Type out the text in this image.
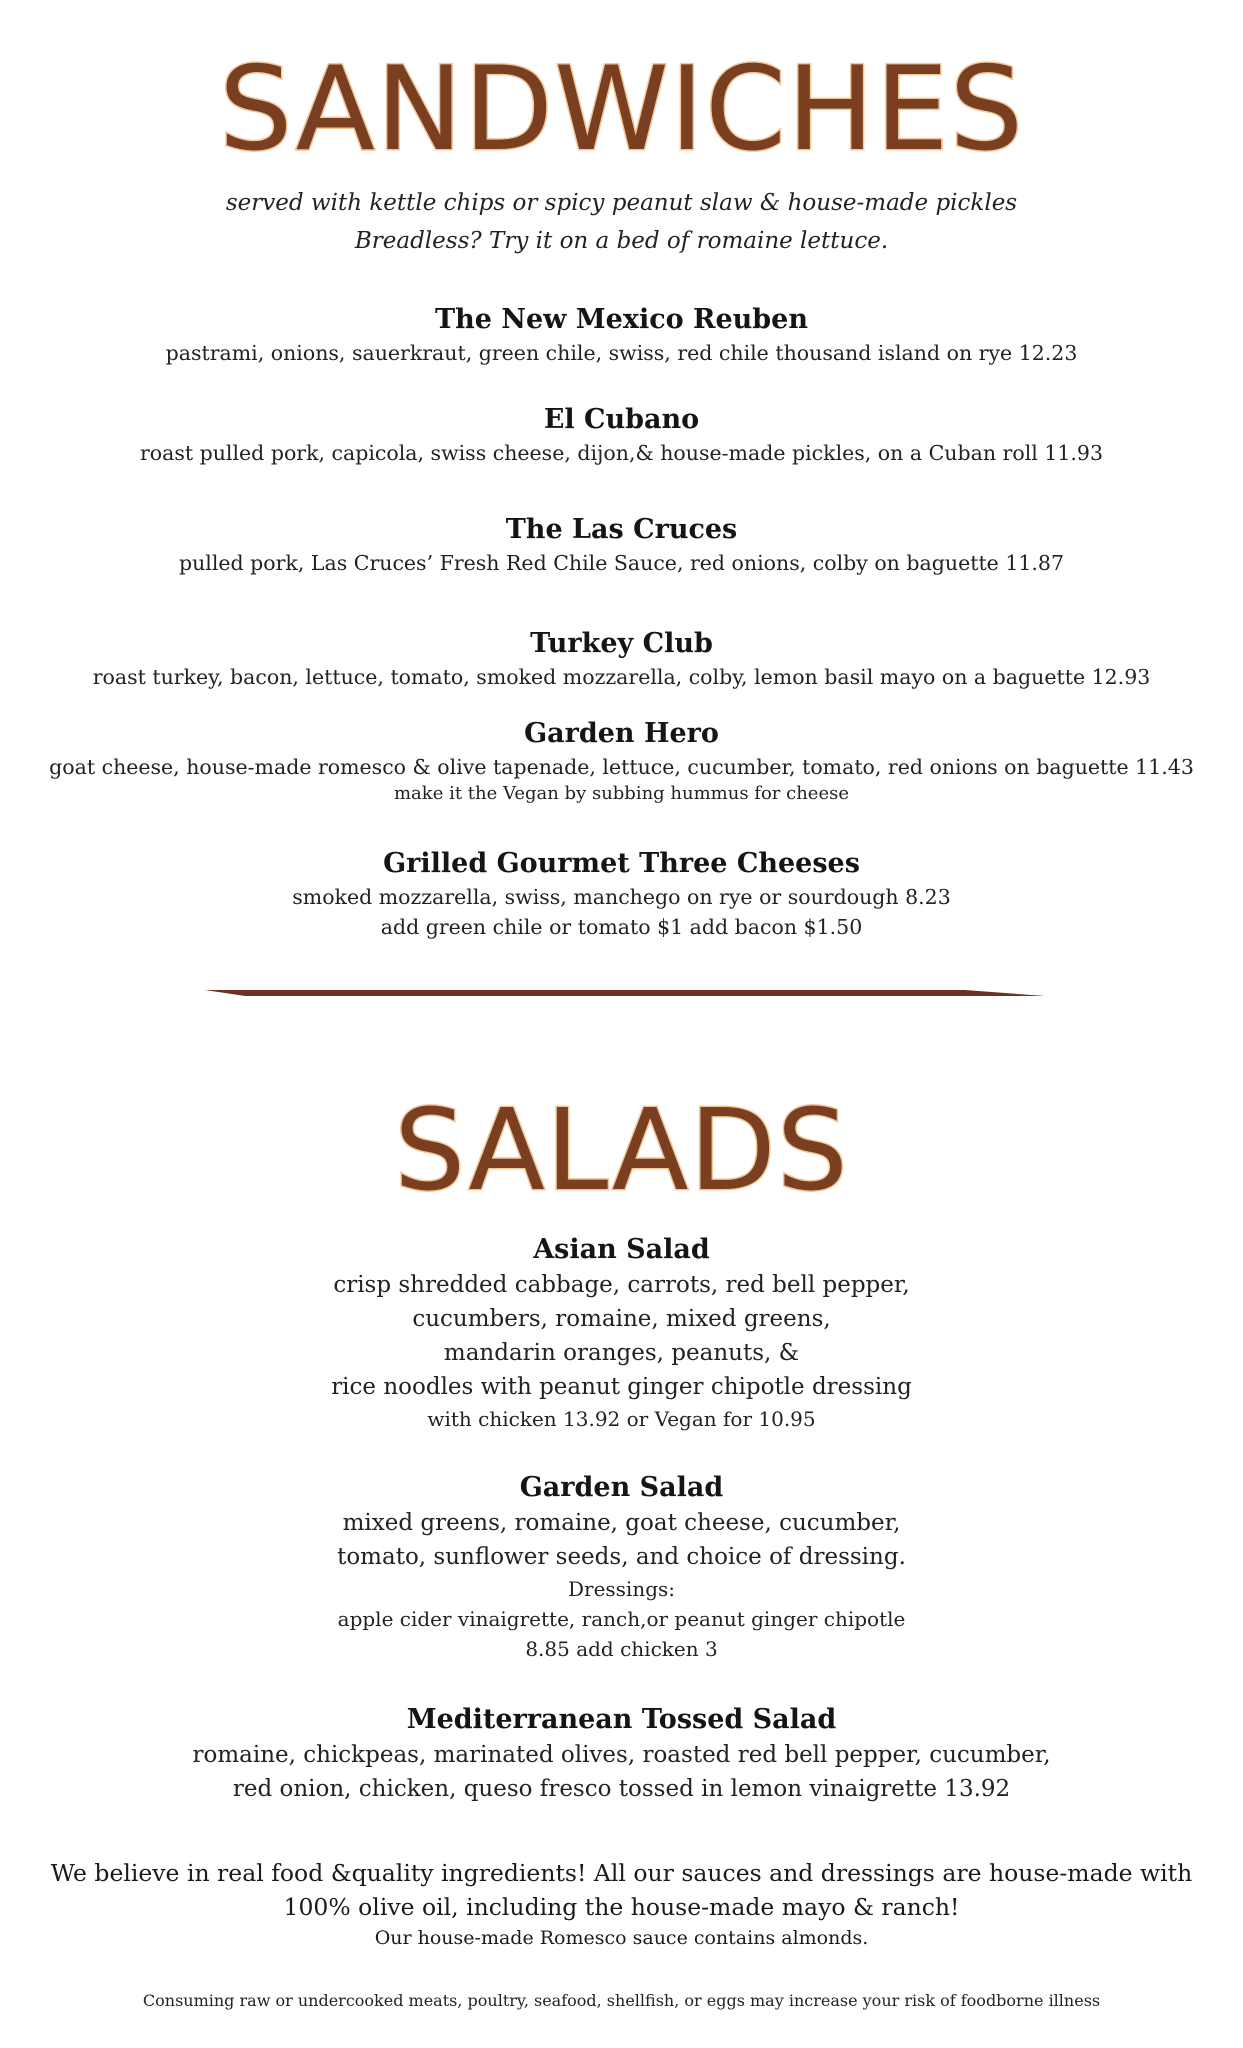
SANDWICHES
served with kettle chips or spicy peanut slaw & house-made pickles
Breadless? Try it on a bed of romaine lettuce.
The New Mexico Reuben
pastrami, onions, sauerkraut, green chile, swiss, red chile thousand island on rye 12.23
El Cubano
roast pulled pork, capicola, swiss cheese, dijon,& house-made pickles, on a Cuban roll 11.93
The Las Cruces
pulled pork, Las Cruces’ Fresh Red Chile Sauce, red onions, colby on baguette 11.87
Turkey Club
roast turkey, bacon, lettuce, tomato, smoked mozzarella, colby, lemon basil mayo on a baguette 12.93
Garden Hero
goat cheese, house-made romesco & olive tapenade, lettuce, cucumber, tomato, red onions on baguette 11.43
make it the Vegan by subbing hummus for cheese
Grilled Gourmet Three Cheeses
smoked mozzarella, swiss, manchego on rye or sourdough 8.23
add green chile or tomato $1 add bacon $1.50
SALADS
Asian Salad
crisp shredded cabbage, carrots, red bell pepper,
cucumbers, romaine, mixed greens,
mandarin oranges, peanuts, &
rice noodles with peanut ginger chipotle dressing
with chicken 13.92 or Vegan for 10.95
Garden Salad
mixed greens, romaine, goat cheese, cucumber,
tomato, sunflower seeds, and choice of dressing.
Dressings:
apple cider vinaigrette, ranch,or peanut ginger chipotle
8.85 add chicken 3
Mediterranean Tossed Salad
romaine, chickpeas, marinated olives, roasted red bell pepper, cucumber,
red onion, chicken, queso fresco tossed in lemon vinaigrette 13.92
We believe in real food &quality ingredients! All our sauces and dressings are house-made with
100% olive oil, including the house-made mayo & ranch!
Our house-made Romesco sauce contains almonds.
Consuming raw or undercooked meats, poultry, seafood, shellfish, or eggs may increase your risk of foodborne illness
